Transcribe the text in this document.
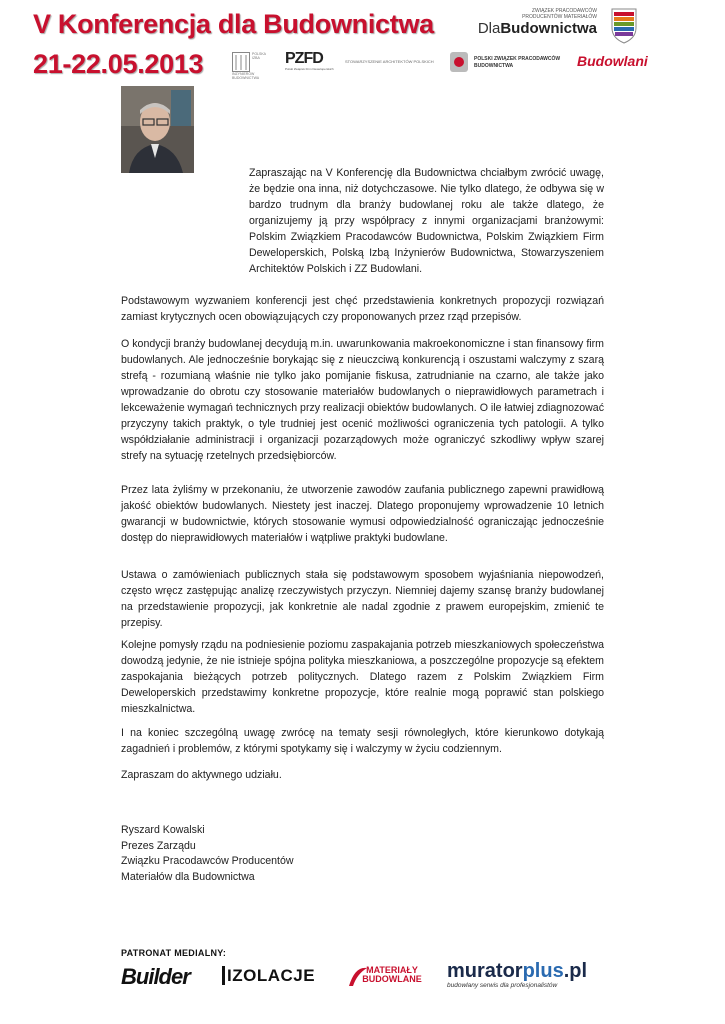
V Konferencja dla Budownictwa
21-22.05.2013
ZWIĄZEK PRACODAWCÓW PRODUCENTÓW MATERIAŁÓW
DlaBudownictwa
POLSKA IZBA INŻYNIERÓW BUDOWNICTWA
PZFD
Polski Związek Firm Deweloperskich
STOWARZYSZENIE ARCHITEKTÓW POLSKICH	POLSKI ZWIĄZEK PRACODAWCÓW BUDOWNICTWA	Budowlani

Zapraszając na V Konferencję dla Budownictwa chciałbym zwrócić uwagę, że będzie ona inna, niż dotychczasowe. Nie tylko dlatego, że odbywa się w bardzo trudnym dla branży budowlanej roku ale także dlatego, że organizujemy ją przy współpracy z innymi organizacjami branżowymi: Polskim Związkiem Pracodawców Budownictwa, Polskim Związkiem Firm Deweloperskich, Polską Izbą Inżynierów Budownictwa, Stowarzyszeniem Architektów Polskich i ZZ Budowlani.

Podstawowym wyzwaniem konferencji jest chęć przedstawienia konkretnych propozycji rozwiązań zamiast krytycznych ocen obowiązujących czy proponowanych przez rząd przepisów.

O kondycji branży budowlanej decydują m.in. uwarunkowania makroekonomiczne i stan finansowy firm budowlanych. Ale jednocześnie borykając się z nieuczciwą konkurencją i oszustami walczymy z szarą strefą - rozumianą właśnie nie tylko jako pomijanie fiskusa, zatrudnianie na czarno, ale także jako wprowadzanie do obrotu czy stosowanie materiałów budowlanych o nieprawidłowych parametrach i lekceważenie wymagań technicznych przy realizacji obiektów budowlanych. O ile łatwiej zdiagnozować przyczyny takich praktyk, o tyle trudniej jest ocenić możliwości ograniczenia tych patologii. A tylko współdziałanie administracji i organizacji pozarządowych może ograniczyć szkodliwy wpływ szarej strefy na sytuację rzetelnych przedsiębiorców.

Przez lata żyliśmy w przekonaniu, że utworzenie zawodów zaufania publicznego zapewni prawidłową jakość obiektów budowlanych. Niestety jest inaczej. Dlatego proponujemy wprowadzenie 10 letnich gwarancji w budownictwie, których stosowanie wymusi odpowiedzialność ograniczając jednocześnie dostęp do nieprawidłowych materiałów i wątpliwe praktyki budowlane.

Ustawa o zamówieniach publicznych stała się podstawowym sposobem wyjaśniania niepowodzeń, często wręcz zastępując analizę rzeczywistych przyczyn. Niemniej dajemy szansę branży budowlanej na przedstawienie propozycji, jak konkretnie ale nadal zgodnie z prawem europejskim, zmienić te przepisy.

Kolejne pomysły rządu na podniesienie poziomu zaspakajania potrzeb mieszkaniowych społeczeństwa dowodzą jedynie, że nie istnieje spójna polityka mieszkaniowa, a poszczególne propozycje są efektem zaspokajania bieżących potrzeb politycznych. Dlatego razem z Polskim Związkiem Firm Deweloperskich przedstawimy konkretne propozycje, które realnie mogą poprawić stan polskiego mieszkalnictwa.

I na koniec szczególną uwagę zwrócę na tematy sesji równoległych, które kierunkowo dotykają zagadnień i problemów, z którymi spotykamy się i walczymy w życiu codziennym.

Zapraszam do aktywnego udziału.

Ryszard Kowalski
Prezes Zarządu
Związku Pracodawców Producentów
Materiałów dla Budownictwa
PATRONAT MEDIALNY:
Builder IZOLACJE	MATERIAŁY BUDOWLANE muratorplus.pl
budowlany serwis dla profesjonalistów
